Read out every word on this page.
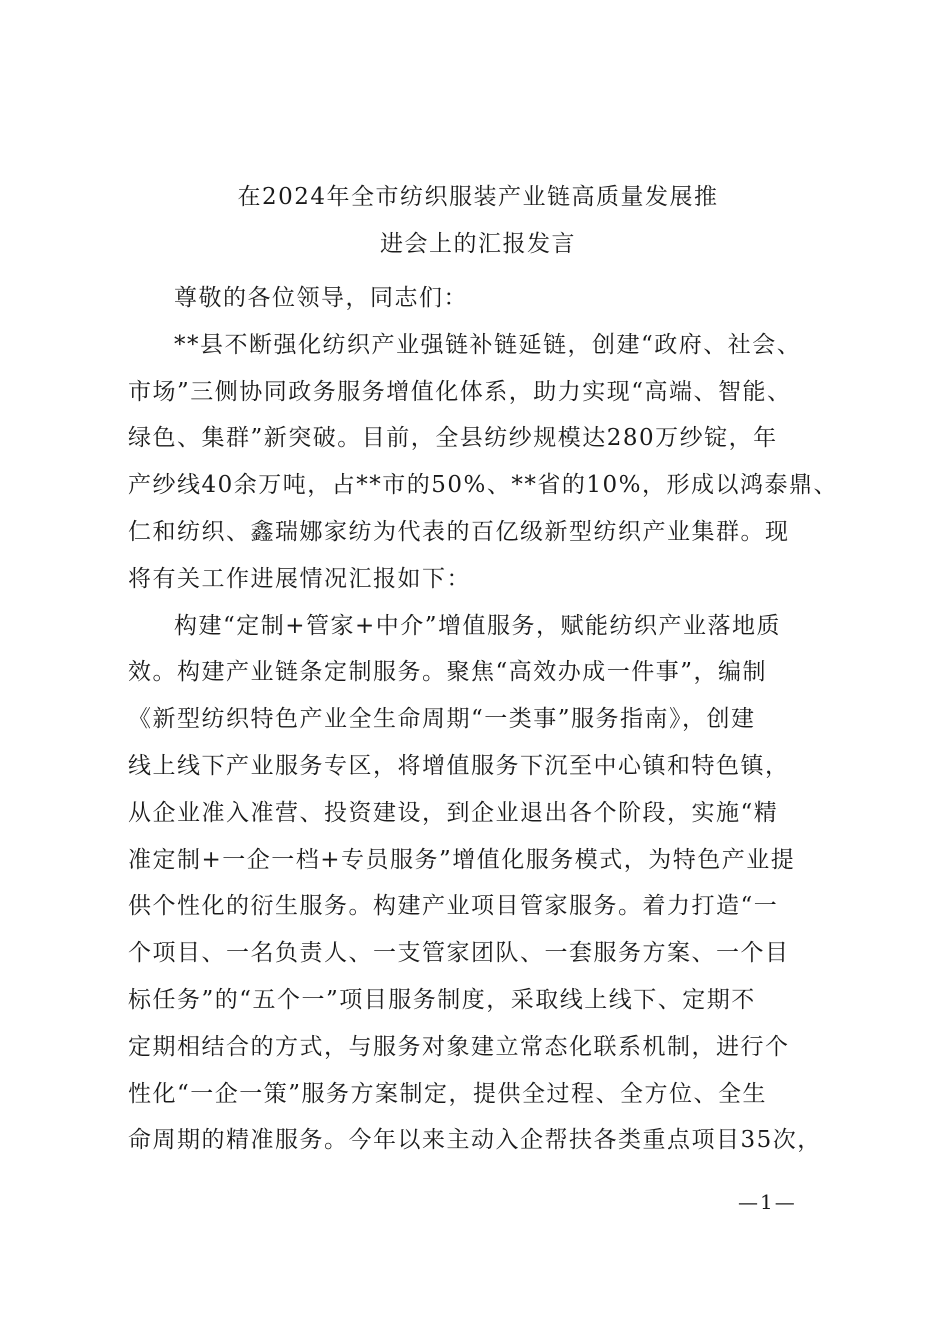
在2024年全市纺织服装产业链高质量发展推
进会上的汇报发言
尊敬的各位领导，同志们：
**县不断强化纺织产业强链补链延链，创建“政府、社会、
市场”三侧协同政务服务增值化体系，助力实现“高端、智能、
绿色、集群”新突破。目前，全县纺纱规模达280万纱锭，年
产纱线40余万吨，占**市的50%、**省的10%，形成以鸿泰鼎、
仁和纺织、鑫瑞娜家纺为代表的百亿级新型纺织产业集群。现
将有关工作进展情况汇报如下：
构建“定制+管家+中介”增值服务，赋能纺织产业落地质
效。构建产业链条定制服务。聚焦“高效办成一件事”，编制
《新型纺织特色产业全生命周期“一类事”服务指南》，创建
线上线下产业服务专区，将增值服务下沉至中心镇和特色镇，
从企业准入准营、投资建设，到企业退出各个阶段，实施“精
准定制+一企一档+专员服务”增值化服务模式，为特色产业提
供个性化的衍生服务。构建产业项目管家服务。着力打造“一
个项目、一名负责人、一支管家团队、一套服务方案、一个目
标任务”的“五个一”项目服务制度，采取线上线下、定期不
定期相结合的方式，与服务对象建立常态化联系机制，进行个
性化“一企一策”服务方案制定，提供全过程、全方位、全生
命周期的精准服务。今年以来主动入企帮扶各类重点项目35次，
—1—
